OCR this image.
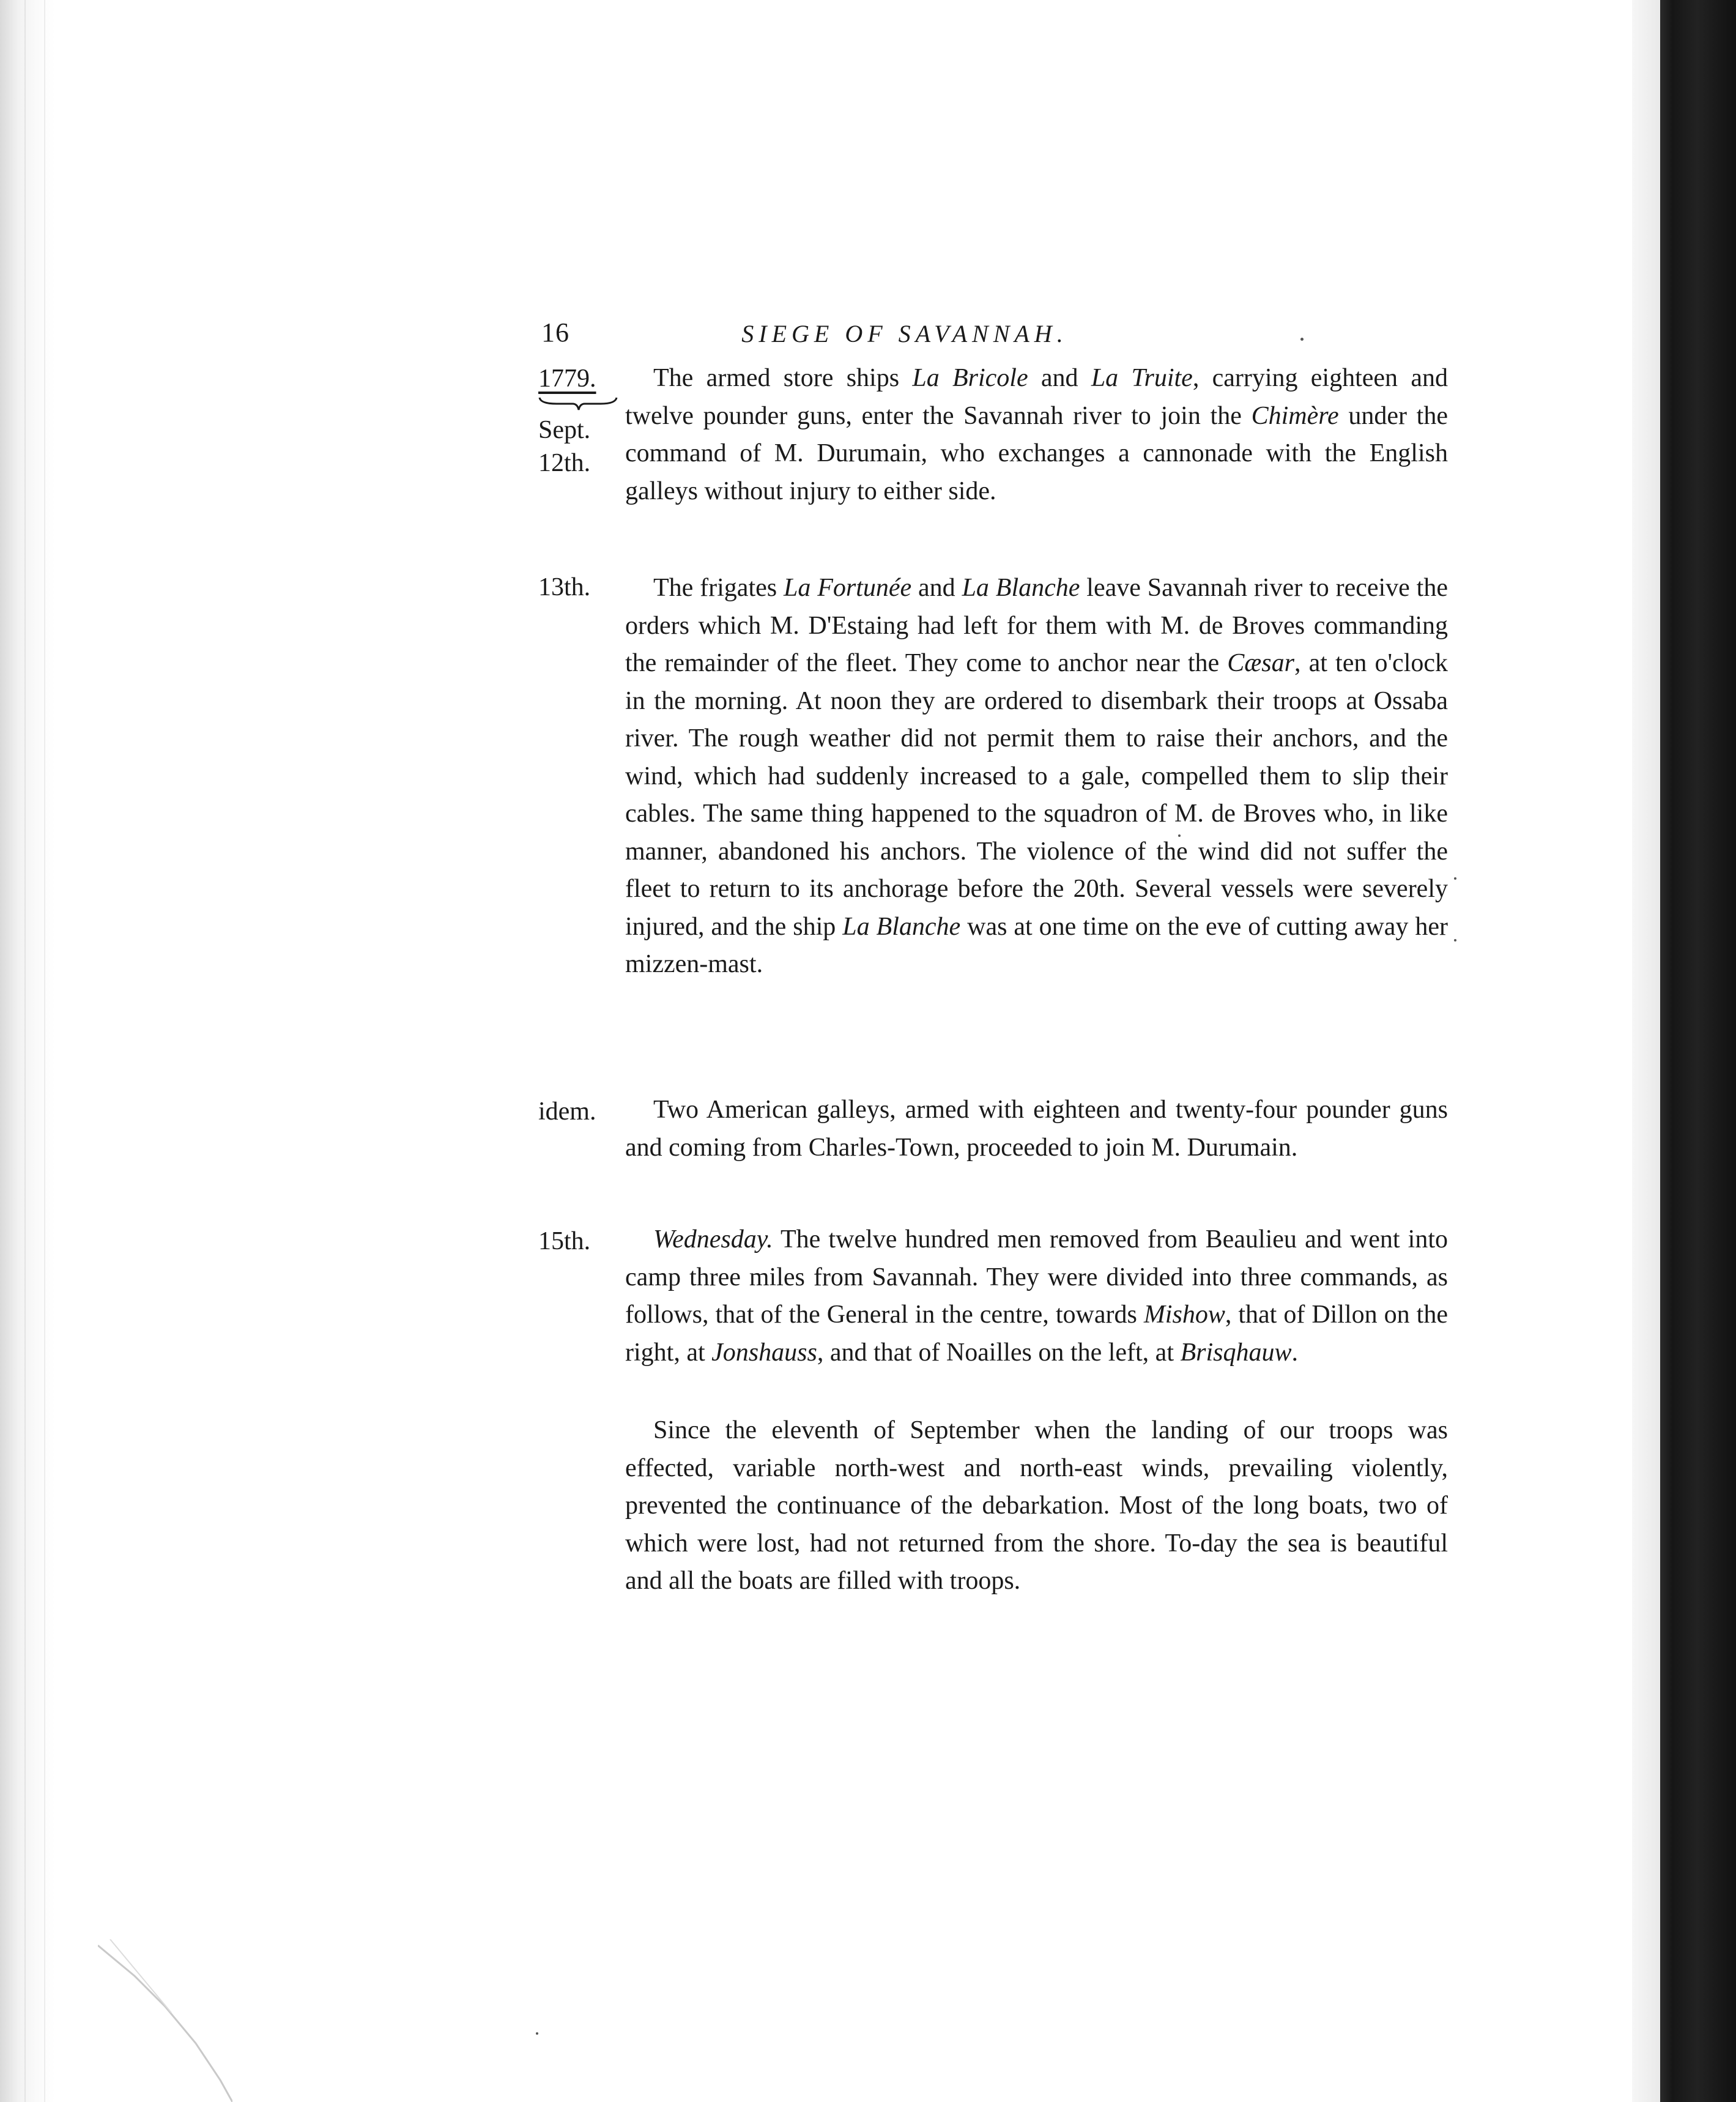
16	SIEGE OF SAVANNAH.
1779.
Sept.
12th.
13th.
idem.
15th.

The armed store ships La Bricole and La Truite, carrying eighteen and twelve pounder guns, enter the Savannah river to join the Chimère under the command of M. Durumain, who exchanges a cannonade with the English galleys without injury to either side.

The frigates La Fortunée and La Blanche leave Savannah river to receive the orders which M. D'Estaing had left for them with M. de Broves commanding the remainder of the fleet. They come to anchor near the Cæsar, at ten o'clock in the morning. At noon they are ordered to disembark their troops at Ossaba river. The rough weather did not permit them to raise their anchors, and the wind, which had suddenly increased to a gale, compelled them to slip their cables. The same thing happened to the squadron of M. de Broves who, in like manner, abandoned his anchors. The violence of the wind did not suffer the fleet to return to its anchorage before the 20th. Several vessels were severely injured, and the ship La Blanche was at one time on the eve of cutting away her mizzen-mast.

Two American galleys, armed with eighteen and twenty-four pounder guns and coming from Charles-Town, proceeded to join M. Durumain.

Wednesday. The twelve hundred men removed from Beaulieu and went into camp three miles from Savannah. They were divided into three commands, as follows, that of the General in the centre, towards Mishow, that of Dillon on the right, at Jonshauss, and that of Noailles on the left, at Brisqhauw.

Since the eleventh of September when the landing of our troops was effected, variable north-west and north-east winds, prevailing violently, prevented the continuance of the debarkation. Most of the long boats, two of which were lost, had not returned from the shore. To-day the sea is beautiful and all the boats are filled with troops.
